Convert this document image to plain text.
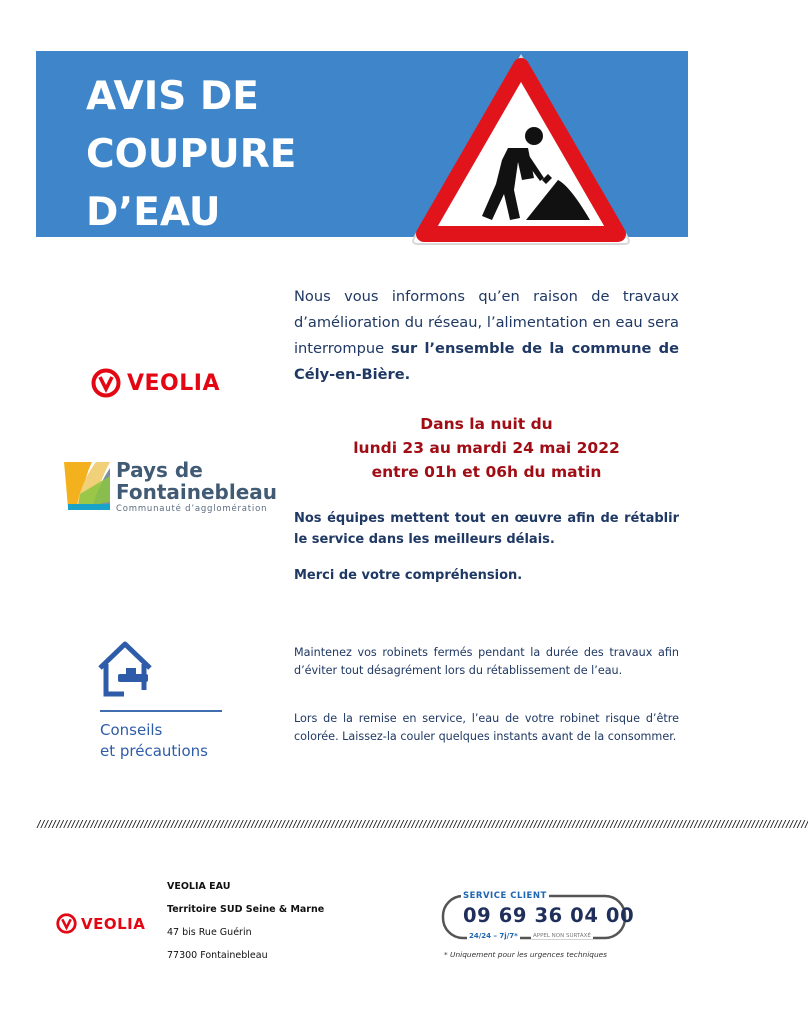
AVIS DE
COUPURE
D’EAU

Nous vous informons qu’en raison de travaux d’amélioration du réseau, l’alimentation en eau sera interrompue sur l’ensemble de la commune de Cély-en-Bière.

Dans la nuit du
lundi 23 au mardi 24 mai 2022
entre 01h et 06h du matin

Nos équipes mettent tout en œuvre afin de rétablir le service dans les meilleurs délais.

Merci de votre compréhension.

Maintenez vos robinets fermés pendant la durée des travaux afin d’éviter tout désagrément lors du rétablissement de l’eau.

Lors de la remise en service, l’eau de votre robinet risque d’être colorée. Laissez-la couler quelques instants avant de la consommer.

VEOLIA
Pays de
Fontainebleau
Communauté d’agglomération
Conseils
et précautions
//////////////////////////////////////////////////////////////////////////////////////////////////////////////////////////////////////////////////////////////////////////////////////////////////////////
VEOLIA
VEOLIA EAU
Territoire SUD Seine & Marne
47 bis Rue Guérin
77300 Fontainebleau
SERVICE CLIENT
09 69 36 04 00
24/24 – 7j/7*	APPEL NON SURTAXÉ
* Uniquement pour les urgences techniques
